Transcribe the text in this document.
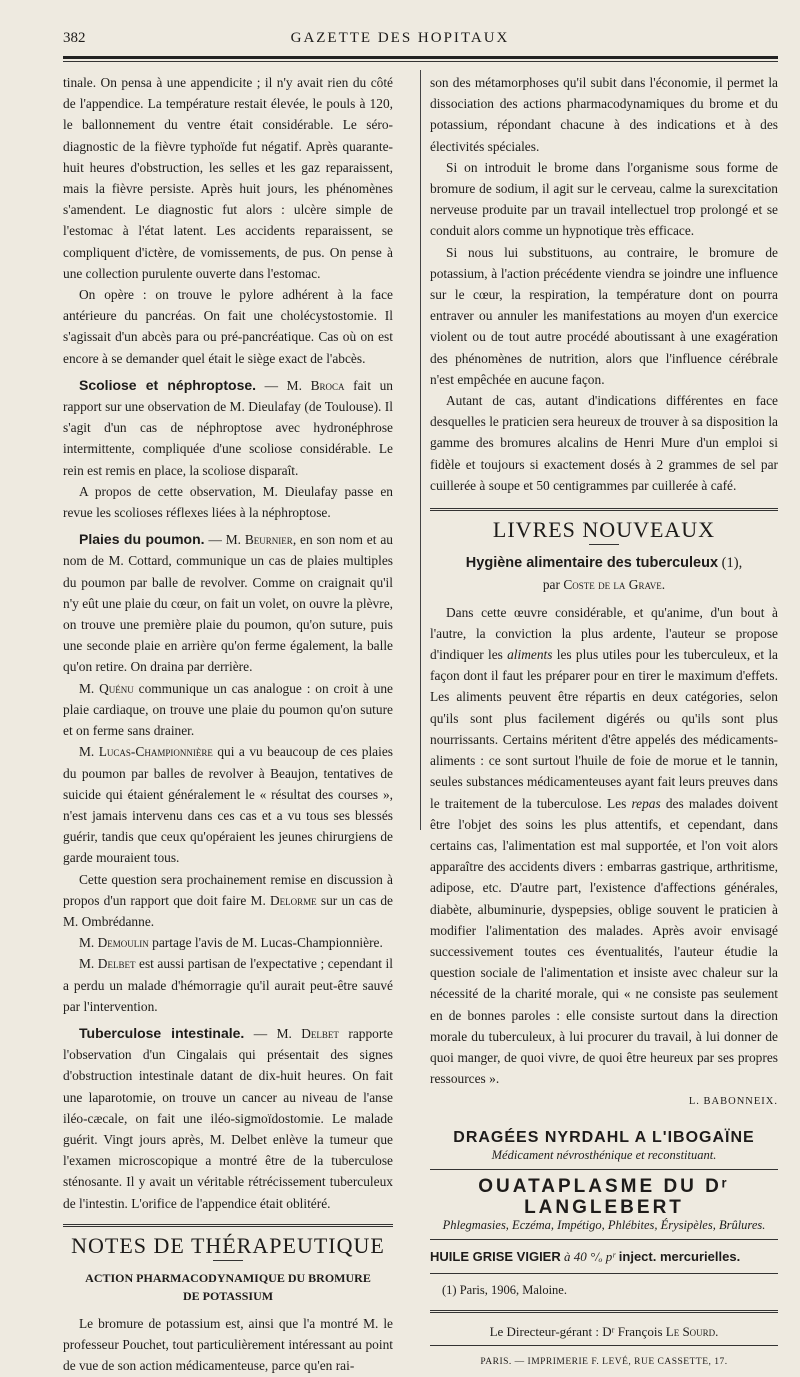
382	GAZETTE DES HOPITAUX

tinale. On pensa à une appendicite ; il n'y avait rien du côté de l'appendice. La température restait élevée, le pouls à 120, le ballonnement du ventre était considérable. Le séro-diagnostic de la fièvre typhoïde fut négatif. Après quarante-huit heures d'obstruction, les selles et les gaz reparaissent, mais la fièvre persiste. Après huit jours, les phénomènes s'amendent. Le diagnostic fut alors : ulcère simple de l'estomac à l'état latent. Les accidents reparaissent, se compliquent d'ictère, de vomissements, de pus. On pense à une collection purulente ouverte dans l'estomac.

On opère : on trouve le pylore adhérent à la face antérieure du pancréas. On fait une cholécystostomie. Il s'agissait d'un abcès para ou pré-pancréatique. Cas où on est encore à se demander quel était le siège exact de l'abcès.

Scoliose et néphroptose. — M. Broca fait un rapport sur une observation de M. Dieulafay (de Toulouse). Il s'agit d'un cas de néphroptose avec hydronéphrose intermittente, compliquée d'une scoliose considérable. Le rein est remis en place, la scoliose disparaît.

A propos de cette observation, M. Dieulafay passe en revue les scolioses réflexes liées à la néphroptose.

Plaies du poumon. — M. Beurnier, en son nom et au nom de M. Cottard, communique un cas de plaies multiples du poumon par balle de revolver. Comme on craignait qu'il n'y eût une plaie du cœur, on fait un volet, on ouvre la plèvre, on trouve une première plaie du poumon, qu'on suture, puis une seconde plaie en arrière qu'on ferme également, la balle qu'on retire. On draina par derrière.

M. Quénu communique un cas analogue : on croit à une plaie cardiaque, on trouve une plaie du poumon qu'on suture et on ferme sans drainer.

M. Lucas-Championnière qui a vu beaucoup de ces plaies du poumon par balles de revolver à Beaujon, tentatives de suicide qui étaient généralement le « résultat des courses », n'est jamais intervenu dans ces cas et a vu tous ses blessés guérir, tandis que ceux qu'opéraient les jeunes chirurgiens de garde mouraient tous.

Cette question sera prochainement remise en discussion à propos d'un rapport que doit faire M. Delorme sur un cas de M. Ombrédanne.

M. Demoulin partage l'avis de M. Lucas-Championnière.

M. Delbet est aussi partisan de l'expectative ; cependant il a perdu un malade d'hémorragie qu'il aurait peut-être sauvé par l'intervention.

Tuberculose intestinale. — M. Delbet rapporte l'observation d'un Cingalais qui présentait des signes d'obstruction intestinale datant de dix-huit heures. On fait une laparotomie, on trouve un cancer au niveau de l'anse iléo-cæcale, on fait une iléo-sigmoïdostomie. Le malade guérit. Vingt jours après, M. Delbet enlève la tumeur que l'examen microscopique a montré être de la tuberculose sténosante. Il y avait un véritable rétrécissement tuberculeux de l'intestin. L'orifice de l'appendice était oblitéré.

NOTES DE THÉRAPEUTIQUE
ACTION PHARMACODYNAMIQUE DU BROMURE
DE POTASSIUM

Le bromure de potassium est, ainsi que l'a montré M. le professeur Pouchet, tout particulièrement intéressant au point de vue de son action médicamenteuse, parce qu'en rai-

son des métamorphoses qu'il subit dans l'économie, il permet la dissociation des actions pharmacodynamiques du brome et du potassium, répondant chacune à des indications et à des électivités spéciales.

Si on introduit le brome dans l'organisme sous forme de bromure de sodium, il agit sur le cerveau, calme la surexcitation nerveuse produite par un travail intellectuel trop prolongé et se conduit alors comme un hypnotique très efficace.

Si nous lui substituons, au contraire, le bromure de potassium, à l'action précédente viendra se joindre une influence sur le cœur, la respiration, la température dont on pourra entraver ou annuler les manifestations au moyen d'un exercice violent ou de tout autre procédé aboutissant à une exagération des phénomènes de nutrition, alors que l'influence cérébrale n'est empêchée en aucune façon.

Autant de cas, autant d'indications différentes en face desquelles le praticien sera heureux de trouver à sa disposition la gamme des bromures alcalins de Henri Mure d'un emploi si fidèle et toujours si exactement dosés à 2 grammes de sel par cuillerée à soupe et 50 centigrammes par cuillerée à café.

LIVRES NOUVEAUX
Hygiène alimentaire des tuberculeux (1),
par Coste de la Grave.

Dans cette œuvre considérable, et qu'anime, d'un bout à l'autre, la conviction la plus ardente, l'auteur se propose d'indiquer les aliments les plus utiles pour les tuberculeux, et la façon dont il faut les préparer pour en tirer le maximum d'effets. Les aliments peuvent être répartis en deux catégories, selon qu'ils sont plus facilement digérés ou qu'ils sont plus nourrissants. Certains méritent d'être appelés des médicaments-aliments : ce sont surtout l'huile de foie de morue et le tannin, seules substances médicamenteuses ayant fait leurs preuves dans le traitement de la tuberculose. Les repas des malades doivent être l'objet des soins les plus attentifs, et cependant, dans certains cas, l'alimentation est mal supportée, et l'on voit alors apparaître des accidents divers : embarras gastrique, arthritisme, adipose, etc. D'autre part, l'existence d'affections générales, diabète, albuminurie, dyspepsies, oblige souvent le praticien à modifier l'alimentation des malades. Après avoir envisagé successivement toutes ces éventualités, l'auteur étudie la question sociale de l'alimentation et insiste avec chaleur sur la nécessité de la charité morale, qui « ne consiste pas seulement en de bonnes paroles : elle consiste surtout dans la direction morale du tuberculeux, à lui procurer du travail, à lui donner de quoi manger, de quoi vivre, de quoi être heureux par ses propres ressources ».

L. BABONNEIX.
DRAGÉES NYRDAHL A L'IBOGAÏNE
Médicament névrosthénique et reconstituant.
OUATAPLASME DU Dʳ LANGLEBERT
Phlegmasies, Eczéma, Impétigo, Phlébites, Érysipèles, Brûlures.
HUILE GRISE VIGIER à 40 °/ₒ pʳ inject. mercurielles.
(1) Paris, 1906, Maloine.
Le Directeur-gérant : Dʳ François Le Sourd.
PARIS. — IMPRIMERIE F. LEVÉ, RUE CASSETTE, 17.
